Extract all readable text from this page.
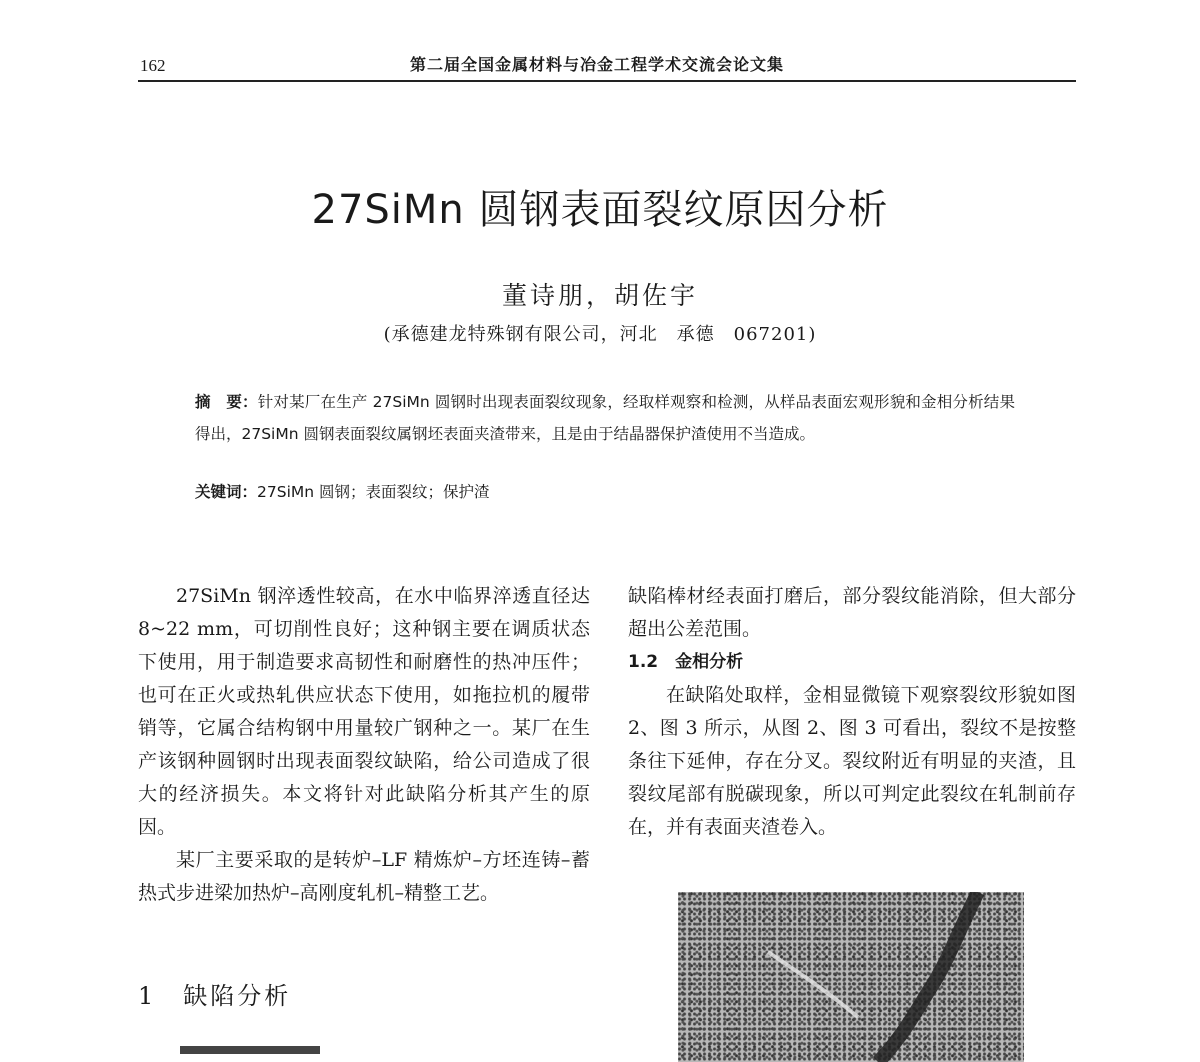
162	第二届全国金属材料与冶金工程学术交流会论文集
27SiMn 圆钢表面裂纹原因分析
董诗朋，胡佐宇
(承德建龙特殊钢有限公司，河北　承德　067201)
摘　要：针对某厂在生产 27SiMn 圆钢时出现表面裂纹现象，经取样观察和检测，从样品表面宏观形貌和金相分析结果得出，27SiMn 圆钢表面裂纹属钢坯表面夹渣带来，且是由于结晶器保护渣使用不当造成。
关键词：27SiMn 圆钢；表面裂纹；保护渣

27SiMn 钢淬透性较高，在水中临界淬透直径达 8~22 mm，可切削性良好；这种钢主要在调质状态下使用，用于制造要求高韧性和耐磨性的热冲压件；也可在正火或热轧供应状态下使用，如拖拉机的履带销等，它属合结构钢中用量较广钢种之一。某厂在生产该钢种圆钢时出现表面裂纹缺陷，给公司造成了很大的经济损失。本文将针对此缺陷分析其产生的原因。

某厂主要采取的是转炉–LF 精炼炉–方坯连铸–蓄热式步进梁加热炉–高刚度轧机–精整工艺。

1　缺陷分析

缺陷棒材经表面打磨后，部分裂纹能消除，但大部分超出公差范围。

1.2　金相分析

在缺陷处取样，金相显微镜下观察裂纹形貌如图 2、图 3 所示，从图 2、图 3 可看出，裂纹不是按整条往下延伸，存在分叉。裂纹附近有明显的夹渣，且裂纹尾部有脱碳现象，所以可判定此裂纹在轧制前存在，并有表面夹渣卷入。
